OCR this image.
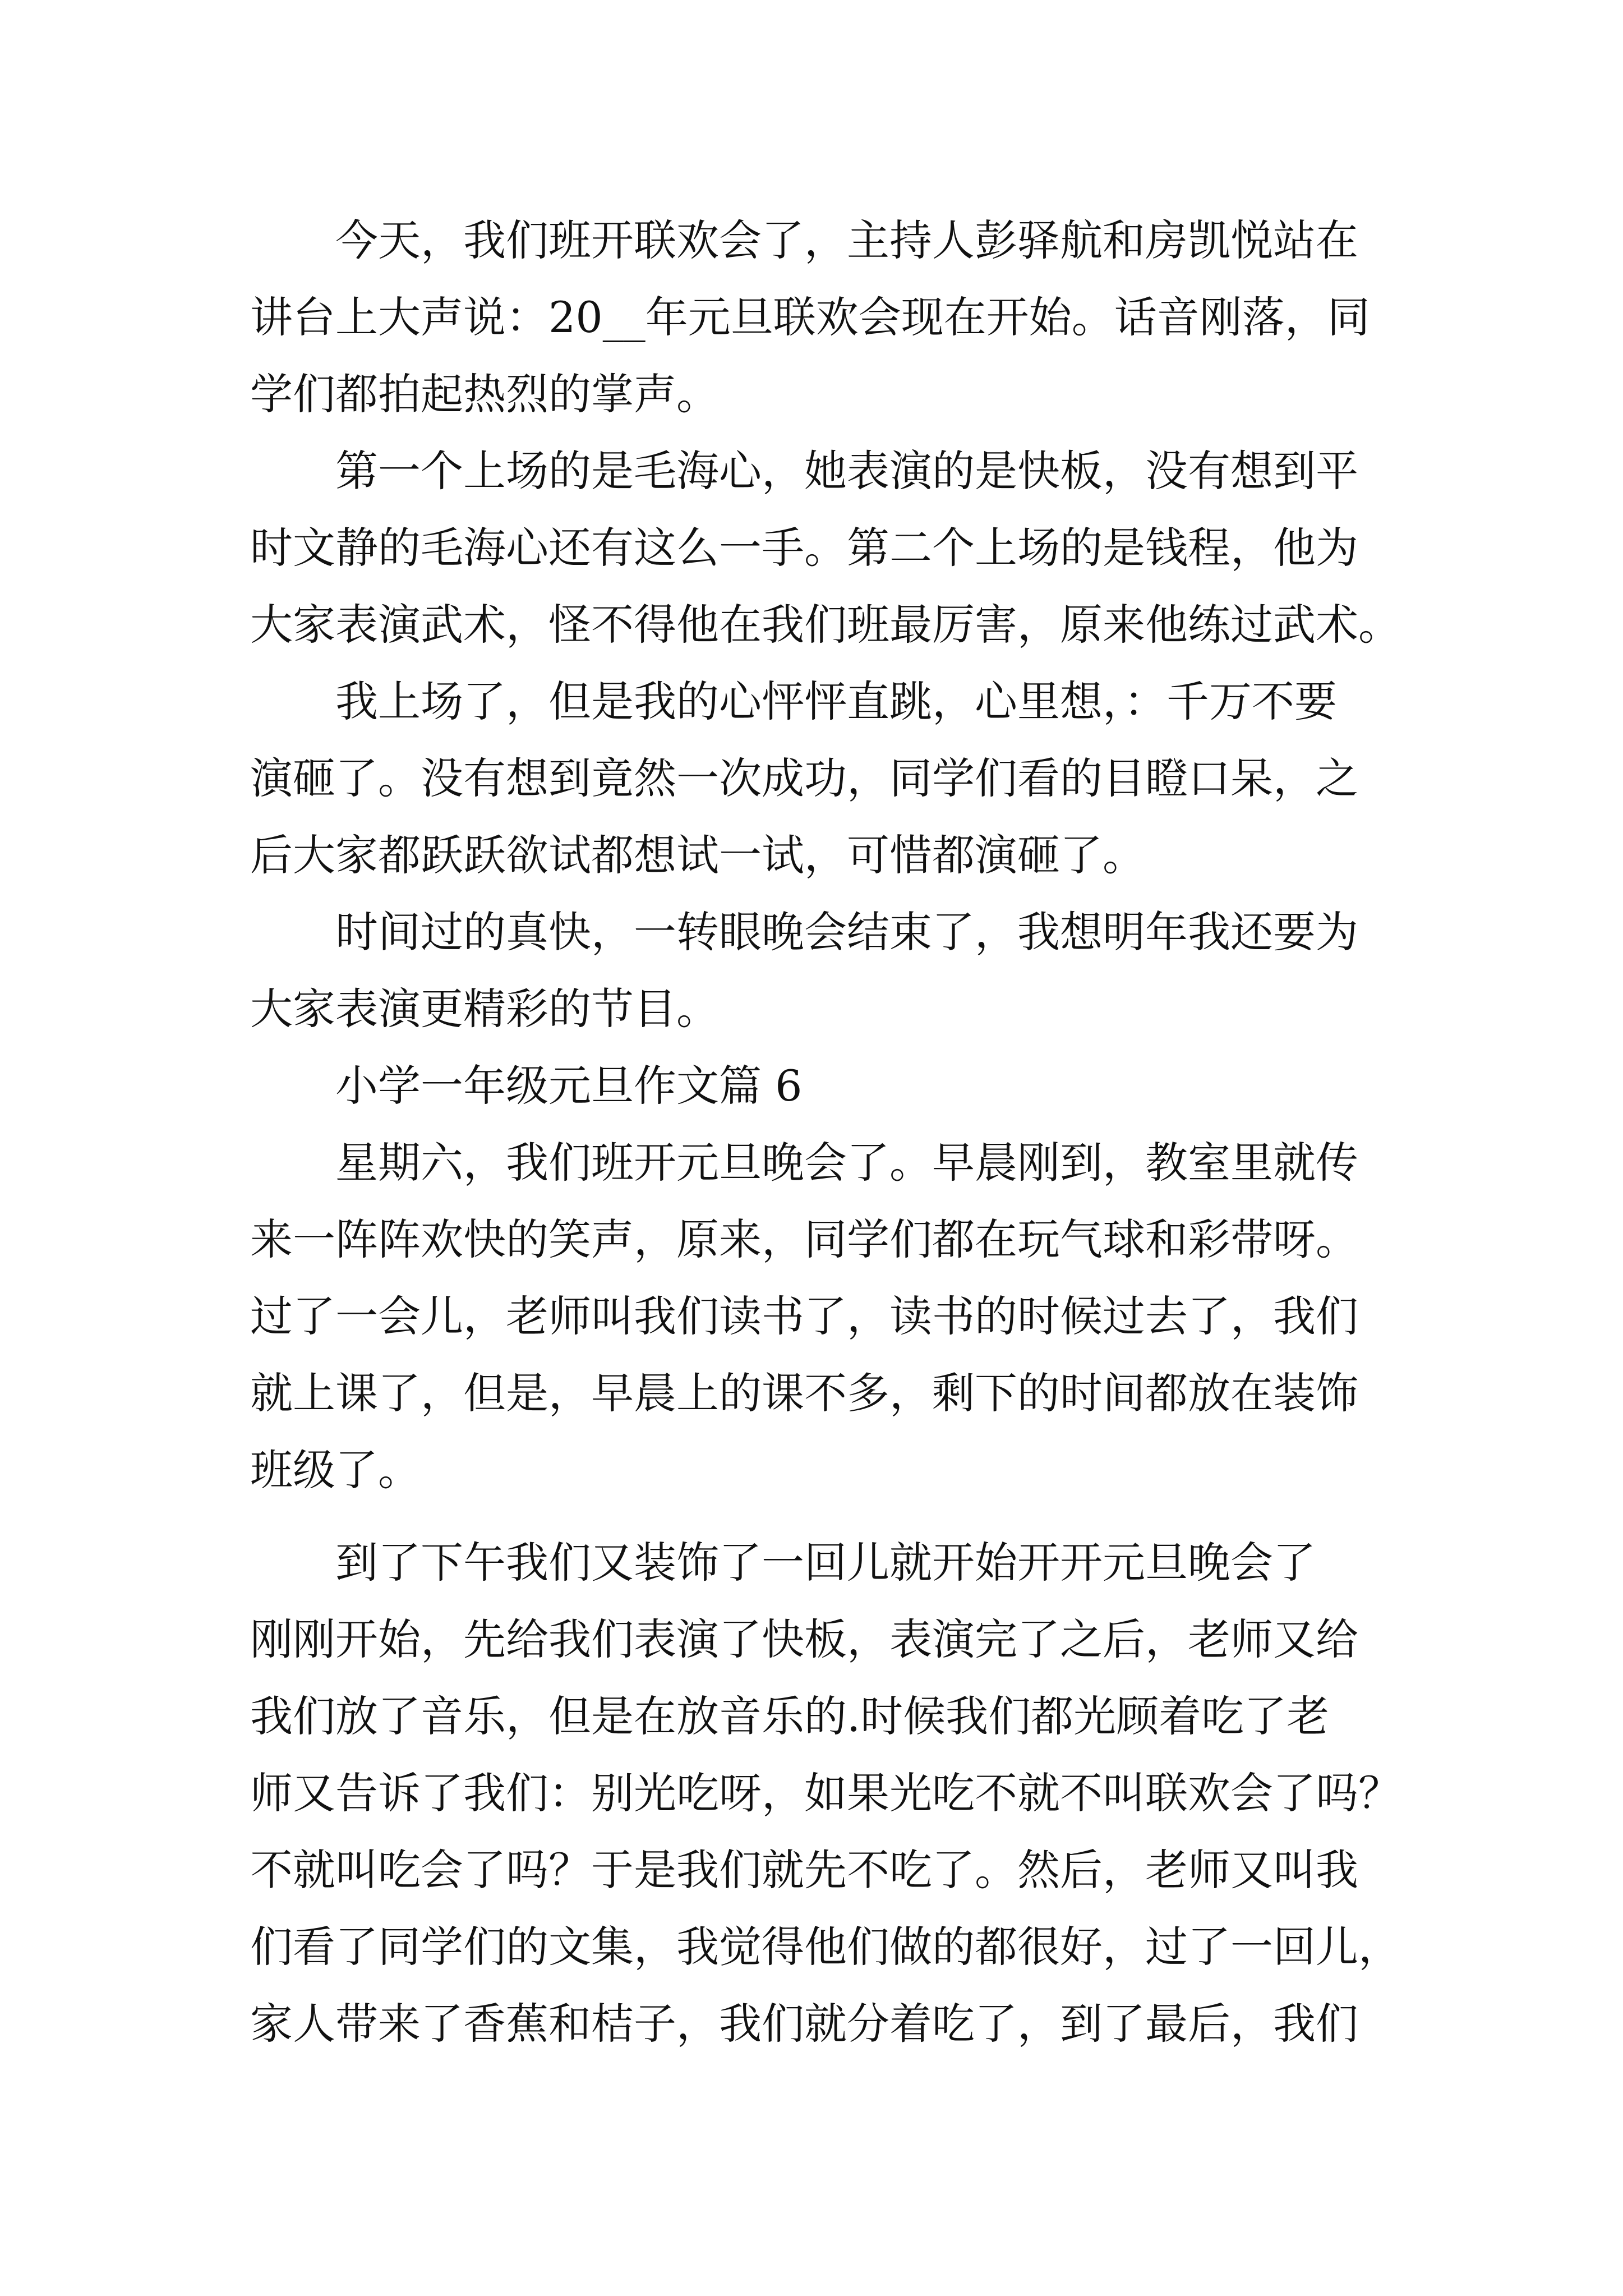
今天，我们班开联欢会了，主持人彭驿航和房凯悦站在
讲台上大声说：20__年元旦联欢会现在开始。话音刚落，同
学们都拍起热烈的掌声。
第一个上场的是毛海心，她表演的是快板，没有想到平
时文静的毛海心还有这么一手。第二个上场的是钱程，他为
大家表演武术，怪不得他在我们班最厉害，原来他练过武术。
我上场了，但是我的心怦怦直跳，心里想，：千万不要
演砸了。没有想到竟然一次成功，同学们看的目瞪口呆，之
后大家都跃跃欲试都想试一试，可惜都演砸了。
时间过的真快，一转眼晚会结束了，我想明年我还要为
大家表演更精彩的节目。
小学一年级元旦作文篇 6
星期六，我们班开元旦晚会了。早晨刚到，教室里就传
来一阵阵欢快的笑声，原来，同学们都在玩气球和彩带呀。
过了一会儿，老师叫我们读书了，读书的时候过去了，我们
就上课了，但是，早晨上的课不多，剩下的时间都放在装饰
班级了。
到了下午我们又装饰了一回儿就开始开开元旦晚会了
刚刚开始，先给我们表演了快板，表演完了之后，老师又给
我们放了音乐，但是在放音乐的.时候我们都光顾着吃了老
师又告诉了我们：别光吃呀，如果光吃不就不叫联欢会了吗？
不就叫吃会了吗？于是我们就先不吃了。然后，老师又叫我
们看了同学们的文集，我觉得他们做的都很好，过了一回儿，
家人带来了香蕉和桔子，我们就分着吃了，到了最后，我们
